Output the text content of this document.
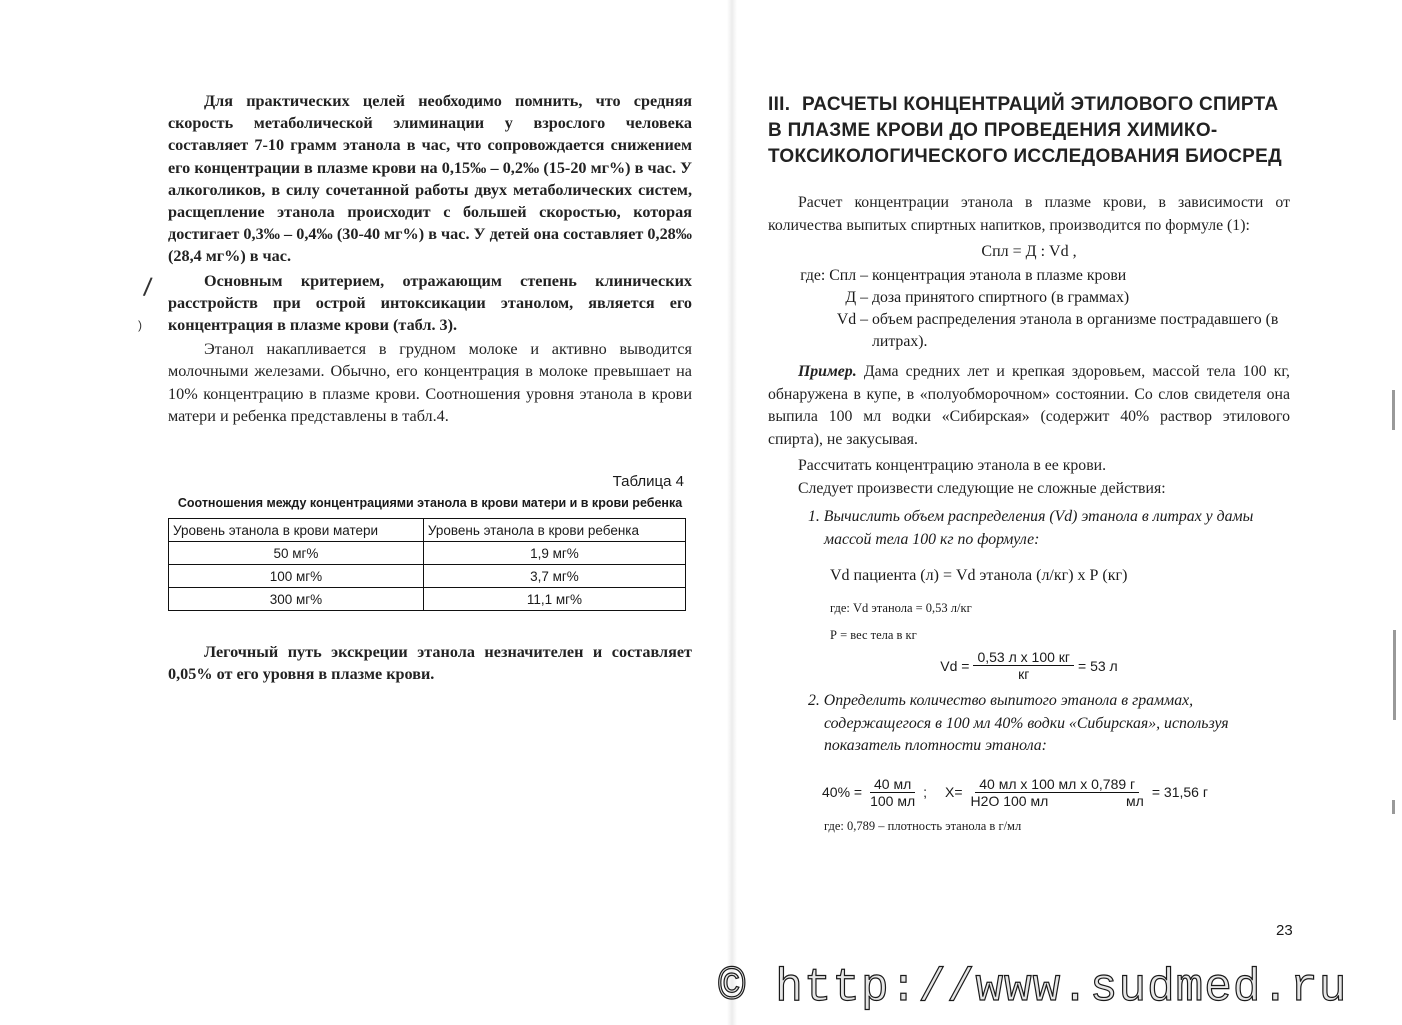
Для практических целей необходимо помнить, что средняя скорость метаболической элиминации у взрослого человека составляет 7-10 грамм этанола в час, что сопровождается снижением его концентрации в плазме крови на 0,15‰ – 0,2‰ (15-20 мг%) в час. У алкоголиков, в силу сочетанной работы двух метаболических систем, расщепление этанола происходит с большей скоростью, которая достигает 0,3‰ – 0,4‰ (30-40 мг%) в час. У детей она составляет 0,28‰ (28,4 мг%) в час.

Основным критерием, отражающим степень клинических расстройств при острой интоксикации этанолом, является его концентрация в плазме крови (табл. 3).

Этанол накапливается в грудном молоке и активно выводится молочными железами. Обычно, его концентрация в молоке превышает на 10% концентрацию в плазме крови. Соотношения уровня этанола в крови матери и ребенка представлены в табл.4.

Таблица 4
Соотношения между концентрациями этанола в крови матери и в крови ребенка
Уровень этанола в крови матери	Уровень этанола в крови ребенка
50 мг%	1,9 мг%
100 мг%	3,7 мг%
300 мг%	11,1 мг%

Легочный путь экскреции этанола незначителен и составляет 0,05% от его уровня в плазме крови.

/
)
III. РАСЧЕТЫ КОНЦЕНТРАЦИЙ ЭТИЛОВОГО СПИРТА В ПЛАЗМЕ КРОВИ ДО ПРОВЕДЕНИЯ ХИМИКО-ТОКСИКОЛОГИЧЕСКОГО ИССЛЕДОВАНИЯ БИОСРЕД

Расчет концентрации этанола в плазме крови, в зависимости от количества выпитых спиртных напитков, производится по формуле (1):

Cпл = Д : Vd ,
где: Спл – концентрация этанола в плазме крови
Д – доза принятого спиртного (в граммах)
Vd – объем распределения этанола в организме пострадавшего (в литрах).

Пример. Дама средних лет и крепкая здоровьем, массой тела 100 кг, обнаружена в купе, в «полуобморочном» состоянии. Со слов свидетеля она выпила 100 мл водки «Сибирская» (содержит 40% раствор этилового спирта), не закусывая.

Рассчитать концентрацию этанола в ее крови.

Следует произвести следующие не сложные действия:

1. Вычислить объем распределения (Vd) этанола в литрах у дамы массой тела 100 кг по формуле:

Vd пациента (л) = Vd этанола (л/кг) х Р (кг)
где: Vd этанола = 0,53 л/кг
Р = вес тела в кг
$Vd = \frac{\text{0,53 л х 100 кг}}{кг} = 53$ л

2. Определить количество выпитого этанола в граммах, содержащегося в 100 мл 40% водки «Сибирская», используя показатель плотности этанола:

$40\% = \frac{40 мл}{100 мл}$ ; $X= \frac{\text{40 мл х 100 мл х 0,789 г}}{\text{H2O 100 мл                    мл}} = 31,56$ г
где: 0,789 – плотность этанола в г/мл
23
© http://www.sudmed.ru
